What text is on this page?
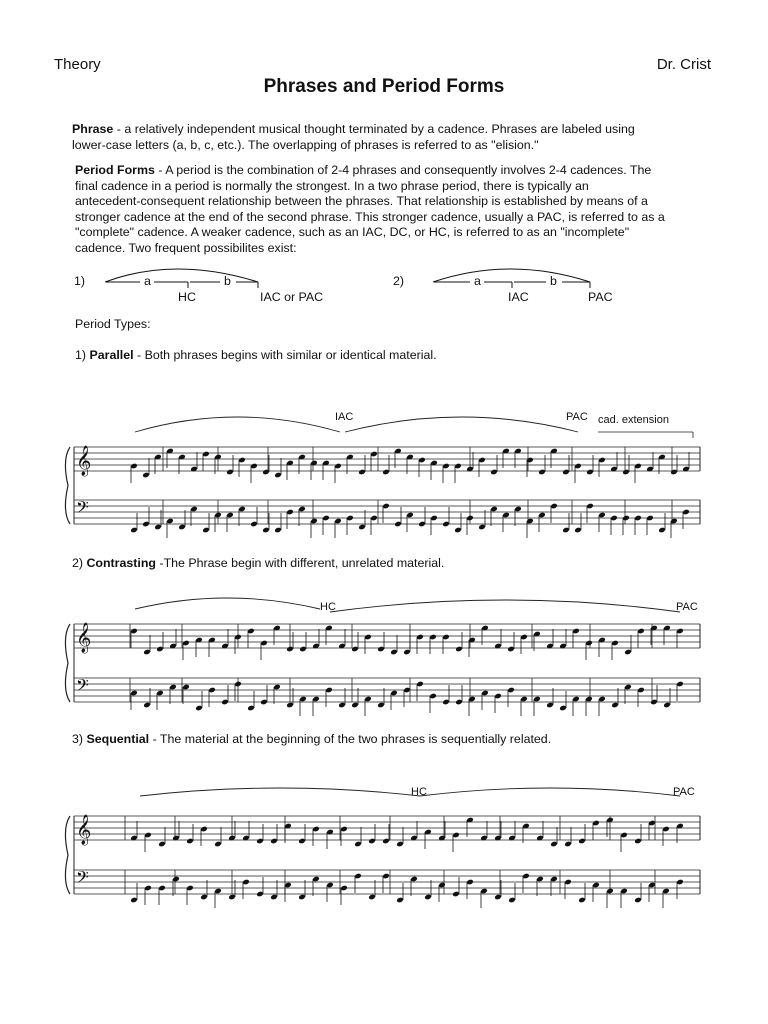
Theory	Dr. Crist
Phrases and Period Forms
Phrase - a relatively independent musical thought terminated by a cadence. Phrases are labeled using
lower-case letters (a, b, c, etc.). The overlapping of phrases is referred to as "elision."
Period Forms - A period is the combination of 2-4 phrases and consequently involves 2-4 cadences. The
final cadence in a period is normally the strongest. In a two phrase period, there is typically an
antecedent-consequent relationship between the phrases. That relationship is established by means of a
stronger cadence at the end of the second phrase. This stronger cadence, usually a PAC, is referred to as a
"complete" cadence. A weaker cadence, such as an IAC, DC, or HC, is referred to as an "incomplete"
cadence. Two frequent possibilites exist:
1)	a	b
HC	IAC or PAC
2)	a	b
IAC	PAC
Period Types:
1) Parallel - Both phrases begins with similar or identical material.
2) Contrasting -The Phrase begin with different, unrelated material.
3) Sequential - The material at the beginning of the two phrases is sequentially related.
IAC	PAC cad. extension
HC	PAC
HC	PAC
𝄞
𝄢
𝄞
𝄢
𝄞
𝄢
